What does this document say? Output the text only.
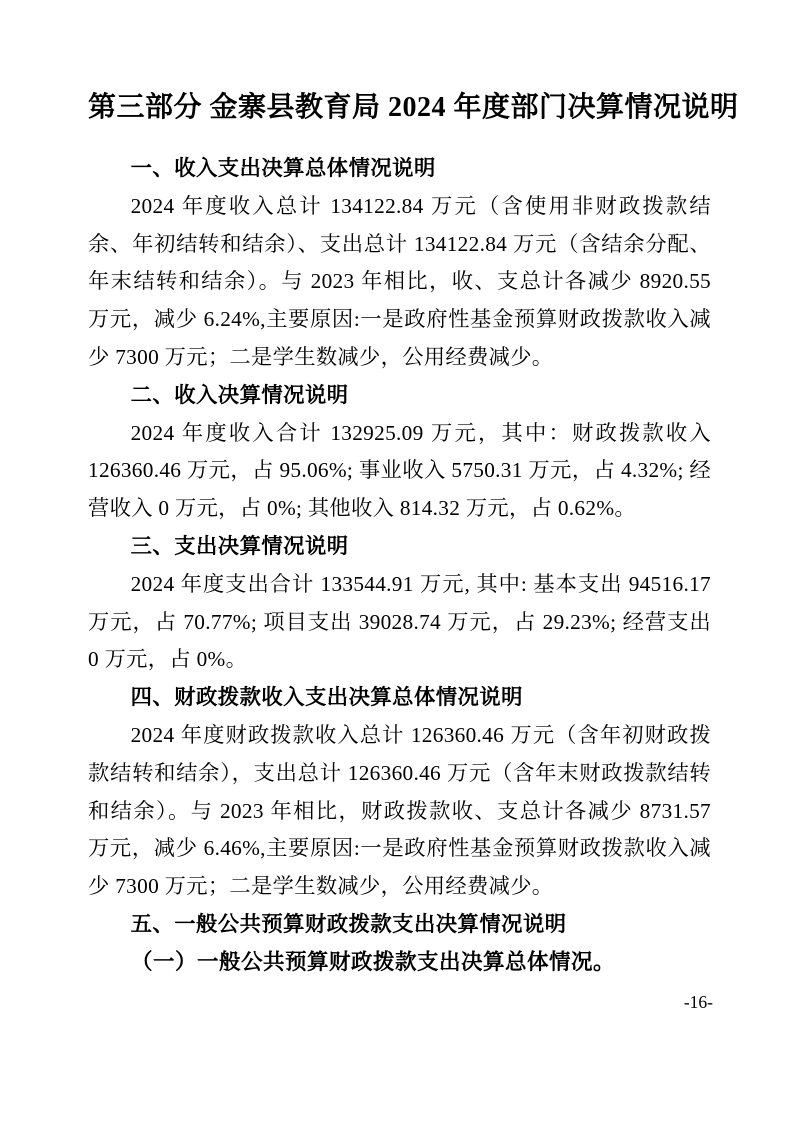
第三部分 金寨县教育局 2024 年度部门决算情况说明
一、收入支出决算总体情况说明

2024 年度收入总计 134122.84 万元（含使用非财政拨款结余、年初结转和结余）、支出总计 134122.84 万元（含结余分配、年末结转和结余）。与 2023 年相比，收、支总计各减少 8920.55 万元，减少 6.24%,主要原因:一是政府性基金预算财政拨款收入减少 7300 万元；二是学生数减少，公用经费减少。

二、收入决算情况说明

2024 年度收入合计 132925.09 万元，其中：财政拨款收入 126360.46 万元，占 95.06%; 事业收入 5750.31 万元，占 4.32%; 经营收入 0 万元，占 0%; 其他收入 814.32 万元，占 0.62%。

三、支出决算情况说明

2024 年度支出合计 133544.91 万元, 其中: 基本支出 94516.17 万元，占 70.77%; 项目支出 39028.74 万元，占 29.23%; 经营支出 0 万元，占 0%。

四、财政拨款收入支出决算总体情况说明

2024 年度财政拨款收入总计 126360.46 万元（含年初财政拨款结转和结余），支出总计 126360.46 万元（含年末财政拨款结转和结余）。与 2023 年相比，财政拨款收、支总计各减少 8731.57 万元，减少 6.46%,主要原因:一是政府性基金预算财政拨款收入减少 7300 万元；二是学生数减少，公用经费减少。

五、一般公共预算财政拨款支出决算情况说明

（一）一般公共预算财政拨款支出决算总体情况。

-16-
